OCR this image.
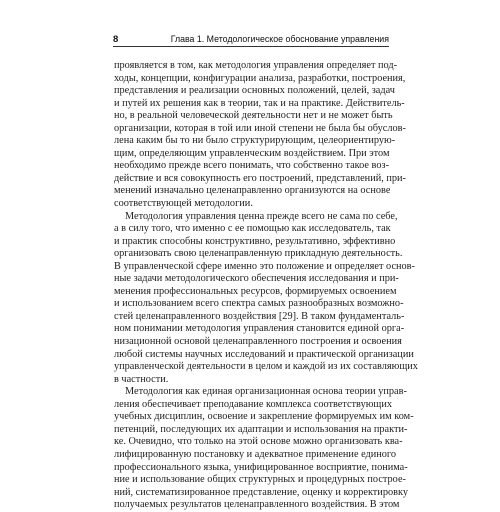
8	Глава 1. Методологическое обоснование управления
проявляется в том, как методология управления определяет под-
ходы, концепции, конфигурации анализа, разработки, построения,
представления и реализации основных положений, целей, задач
и путей их решения как в теории, так и на практике. Действитель-
но, в реальной человеческой деятельности нет и не может быть
организации, которая в той или иной степени не была бы обуслов-
лена каким бы то ни было структурирующим, целеориентирую-
щим, определяющим управленческим воздействием. При этом
необходимо прежде всего понимать, что собственно такое воз-
действие и вся совокупность его построений, представлений, при-
менений изначально целенаправленно организуются на основе
соответствующей методологии.
Методология управления ценна прежде всего не сама по себе,
а в силу того, что именно с ее помощью как исследователь, так
и практик способны конструктивно, результативно, эффективно
организовать свою целенаправленную прикладную деятельность.
В управленческой сфере именно это положение и определяет основ-
ные задачи методологического обеспечения исследования и при-
менения профессиональных ресурсов, формируемых освоением
и использованием всего спектра самых разнообразных возможно-
стей целенаправленного воздействия [29]. В таком фундаменталь-
ном понимании методология управления становится единой орга-
низационной основой целенаправленного построения и освоения
любой системы научных исследований и практической организации
управленческой деятельности в целом и каждой из их составляющих
в частности.
Методология как единая организационная основа теории управ-
ления обеспечивает преподавание комплекса соответствующих
учебных дисциплин, освоение и закрепление формируемых им ком-
петенций, последующих их адаптации и использования на практи-
ке. Очевидно, что только на этой основе можно организовать ква-
лифицированную постановку и адекватное применение единого
профессионального языка, унифицированное восприятие, понима-
ние и использование общих структурных и процедурных построе-
ний, систематизированное представление, оценку и корректировку
получаемых результатов целенаправленного воздействия. В этом
